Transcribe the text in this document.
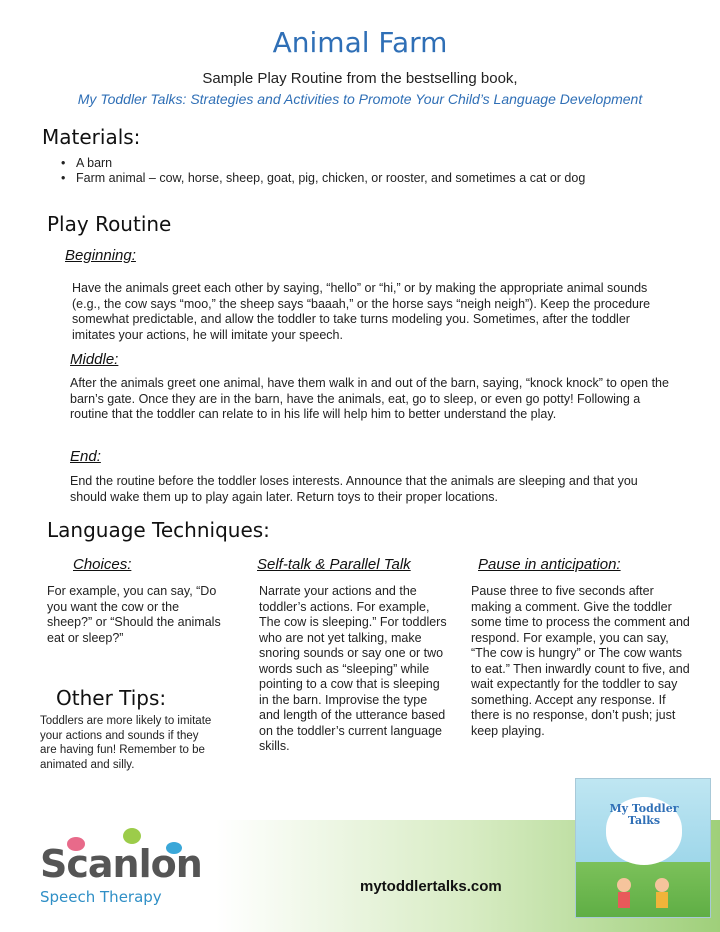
Animal Farm
Sample Play Routine from the bestselling book,
My Toddler Talks: Strategies and Activities to Promote Your Child’s Language Development
Materials:
• A barn
• Farm animal – cow, horse, sheep, goat, pig, chicken, or rooster, and sometimes a cat or dog
Play Routine
Beginning:
Have the animals greet each other by saying, “hello” or “hi,” or by making the appropriate animal sounds (e.g., the cow says “moo,” the sheep says “baaah,” or the horse says “neigh neigh”). Keep the procedure somewhat predictable, and allow the toddler to take turns modeling you. Sometimes, after the toddler imitates your actions, he will imitate your speech.
Middle:
After the animals greet one animal, have them walk in and out of the barn, saying, “knock knock” to open the barn’s gate. Once they are in the barn, have the animals, eat, go to sleep, or even go potty! Following a routine that the toddler can relate to in his life will help him to better understand the play.
End:
End the routine before the toddler loses interests. Announce that the animals are sleeping and that you should wake them up to play again later. Return toys to their proper locations.
Language Techniques:
Choices:
For example, you can say, “Do you want the cow or the sheep?” or “Should the animals eat or sleep?”
Self-talk & Parallel Talk
Narrate your actions and the toddler’s actions. For example, The cow is sleeping.” For toddlers who are not yet talking, make snoring sounds or say one or two words such as “sleeping” while pointing to a cow that is sleeping in the barn. Improvise the type and length of the utterance based on the toddler’s current language skills.
Pause in anticipation:
Pause three to five seconds after making a comment. Give the toddler some time to process the comment and respond. For example, you can say, “The cow is hungry” or The cow wants to eat.” Then inwardly count to five, and wait expectantly for the toddler to say something. Accept any response. If there is no response, don’t push; just keep playing.
Other Tips:
Toddlers are more likely to imitate your actions and sounds if they are having fun! Remember to be animated and silly.
Scanlon
Speech Therapy
mytoddlertalks.com
My Toddler Talks
